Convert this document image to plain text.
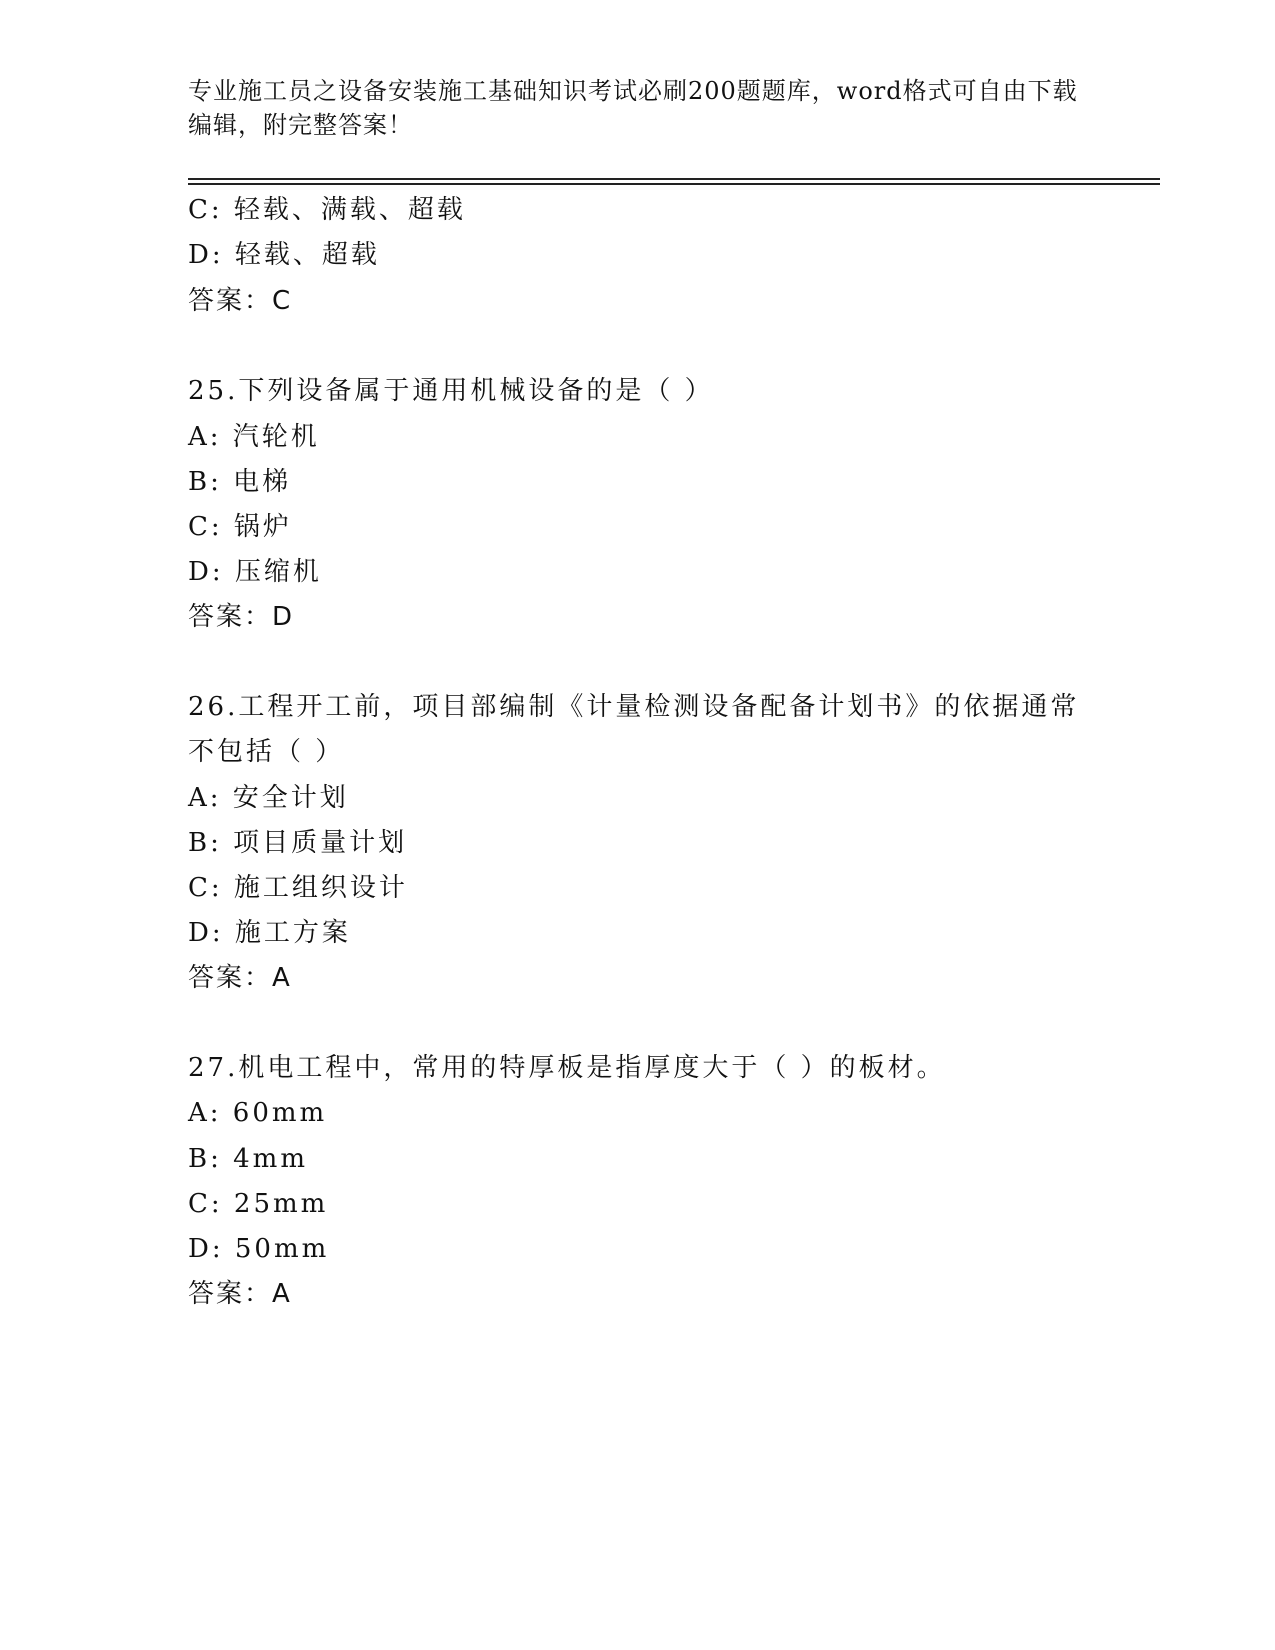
专业施工员之设备安装施工基础知识考试必刷200题题库，word格式可自由下载
编辑，附完整答案！
C: 轻载、满载、超载
D: 轻载、超载
答案：C
25.下列设备属于通用机械设备的是（ ）
A: 汽轮机
B: 电梯
C: 锅炉
D: 压缩机
答案：D
26.工程开工前，项目部编制《计量检测设备配备计划书》的依据通常
不包括（ ）
A: 安全计划
B: 项目质量计划
C: 施工组织设计
D: 施工方案
答案：A
27.机电工程中，常用的特厚板是指厚度大于（ ）的板材。
A: 60mm
B: 4mm
C: 25mm
D: 50mm
答案：A
